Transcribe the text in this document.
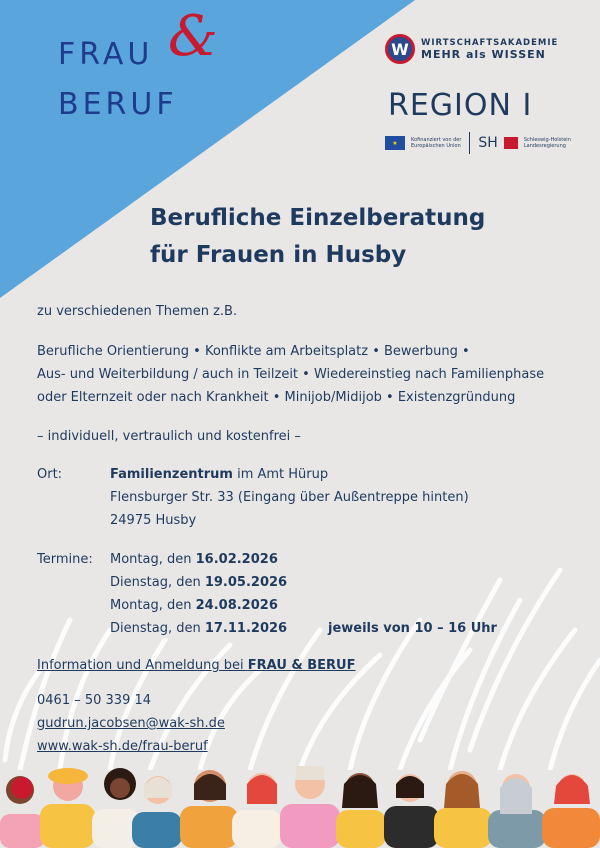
FRAU &
BERUF
W	WIRTSCHAFTSAKADEMIE
MEHR als WISSEN
REGION I
★	Kofinanziert von der
Europäischen Union SH	Schleswig-Holstein
Landesregierung
Berufliche Einzelberatung
für Frauen in Husby
zu verschiedenen Themen z.B.
Berufliche Orientierung • Konflikte am Arbeitsplatz • Bewerbung •
Aus- und Weiterbildung / auch in Teilzeit • Wiedereinstieg nach Familienphase
oder Elternzeit oder nach Krankheit • Minijob/Midijob • Existenzgründung
– individuell, vertraulich und kostenfrei –
Ort:	Familienzentrum im Amt Hürup
Flensburger Str. 33 (Eingang über Außentreppe hinten)
24975 Husby
Termine: Montag, den 16.02.2026
Dienstag, den 19.05.2026
Montag, den 24.08.2026
Dienstag, den 17.11.2026	jeweils von 10 – 16 Uhr
Information und Anmeldung bei FRAU & BERUF
0461 – 50 339 14
gudrun.jacobsen@wak-sh.de
www.wak-sh.de/frau-beruf
